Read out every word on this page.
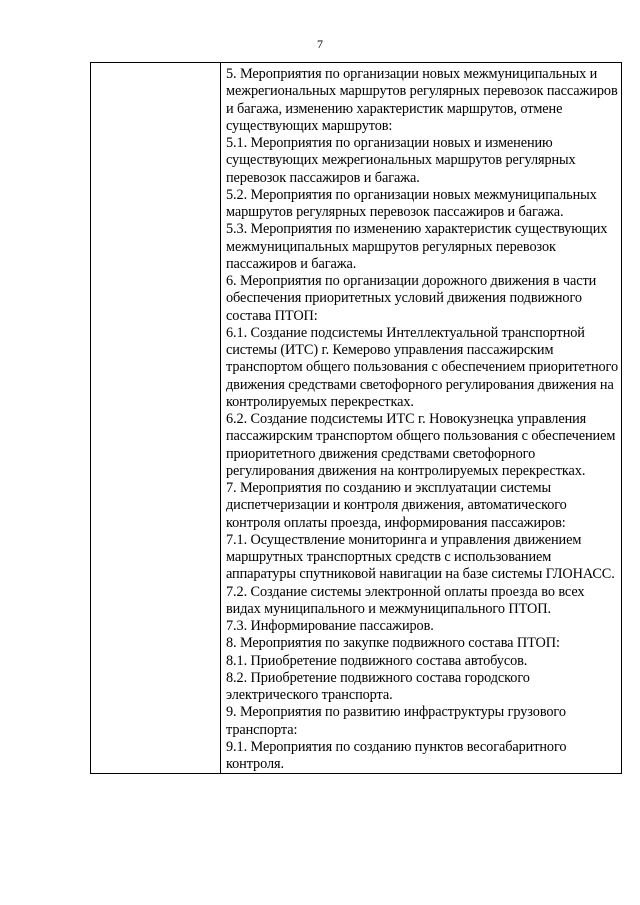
7

5. Мероприятия по организации новых межмуниципальных и межрегиональных маршрутов регулярных перевозок пассажиров и багажа, изменению характеристик маршрутов, отмене существующих маршрутов:
5.1. Мероприятия по организации новых и изменению существующих межрегиональных маршрутов регулярных перевозок пассажиров и багажа.
5.2. Мероприятия по организации новых межмуниципальных маршрутов регулярных перевозок пассажиров и багажа.
5.3. Мероприятия по изменению характеристик существующих межмуниципальных маршрутов регулярных перевозок пассажиров и багажа.
6. Мероприятия по организации дорожного движения в части обеспечения приоритетных условий движения подвижного состава ПТОП:
6.1. Создание подсистемы Интеллектуальной транспортной системы (ИТС) г. Кемерово управления пассажирским транспортом общего пользования с обеспечением приоритетного движения средствами светофорного регулирования движения на контролируемых перекрестках.
6.2. Создание подсистемы ИТС г. Новокузнецка управления пассажирским транспортом общего пользования с обеспечением приоритетного движения средствами светофорного регулирования движения на контролируемых перекрестках.
7. Мероприятия по созданию и эксплуатации системы диспетчеризации и контроля движения, автоматического контроля оплаты проезда, информирования пассажиров:
7.1. Осуществление мониторинга и управления движением маршрутных транспортных средств с использованием аппаратуры спутниковой навигации на базе системы ГЛОНАСС.
7.2. Создание системы электронной оплаты проезда во всех видах муниципального и межмуниципального ПТОП.
7.3. Информирование пассажиров.
8. Мероприятия по закупке подвижного состава ПТОП:
8.1. Приобретение подвижного состава автобусов.
8.2. Приобретение подвижного состава городского электрического транспорта.
9. Мероприятия по развитию инфраструктуры грузового транспорта:
9.1. Мероприятия по созданию пунктов весогабаритного контроля.
